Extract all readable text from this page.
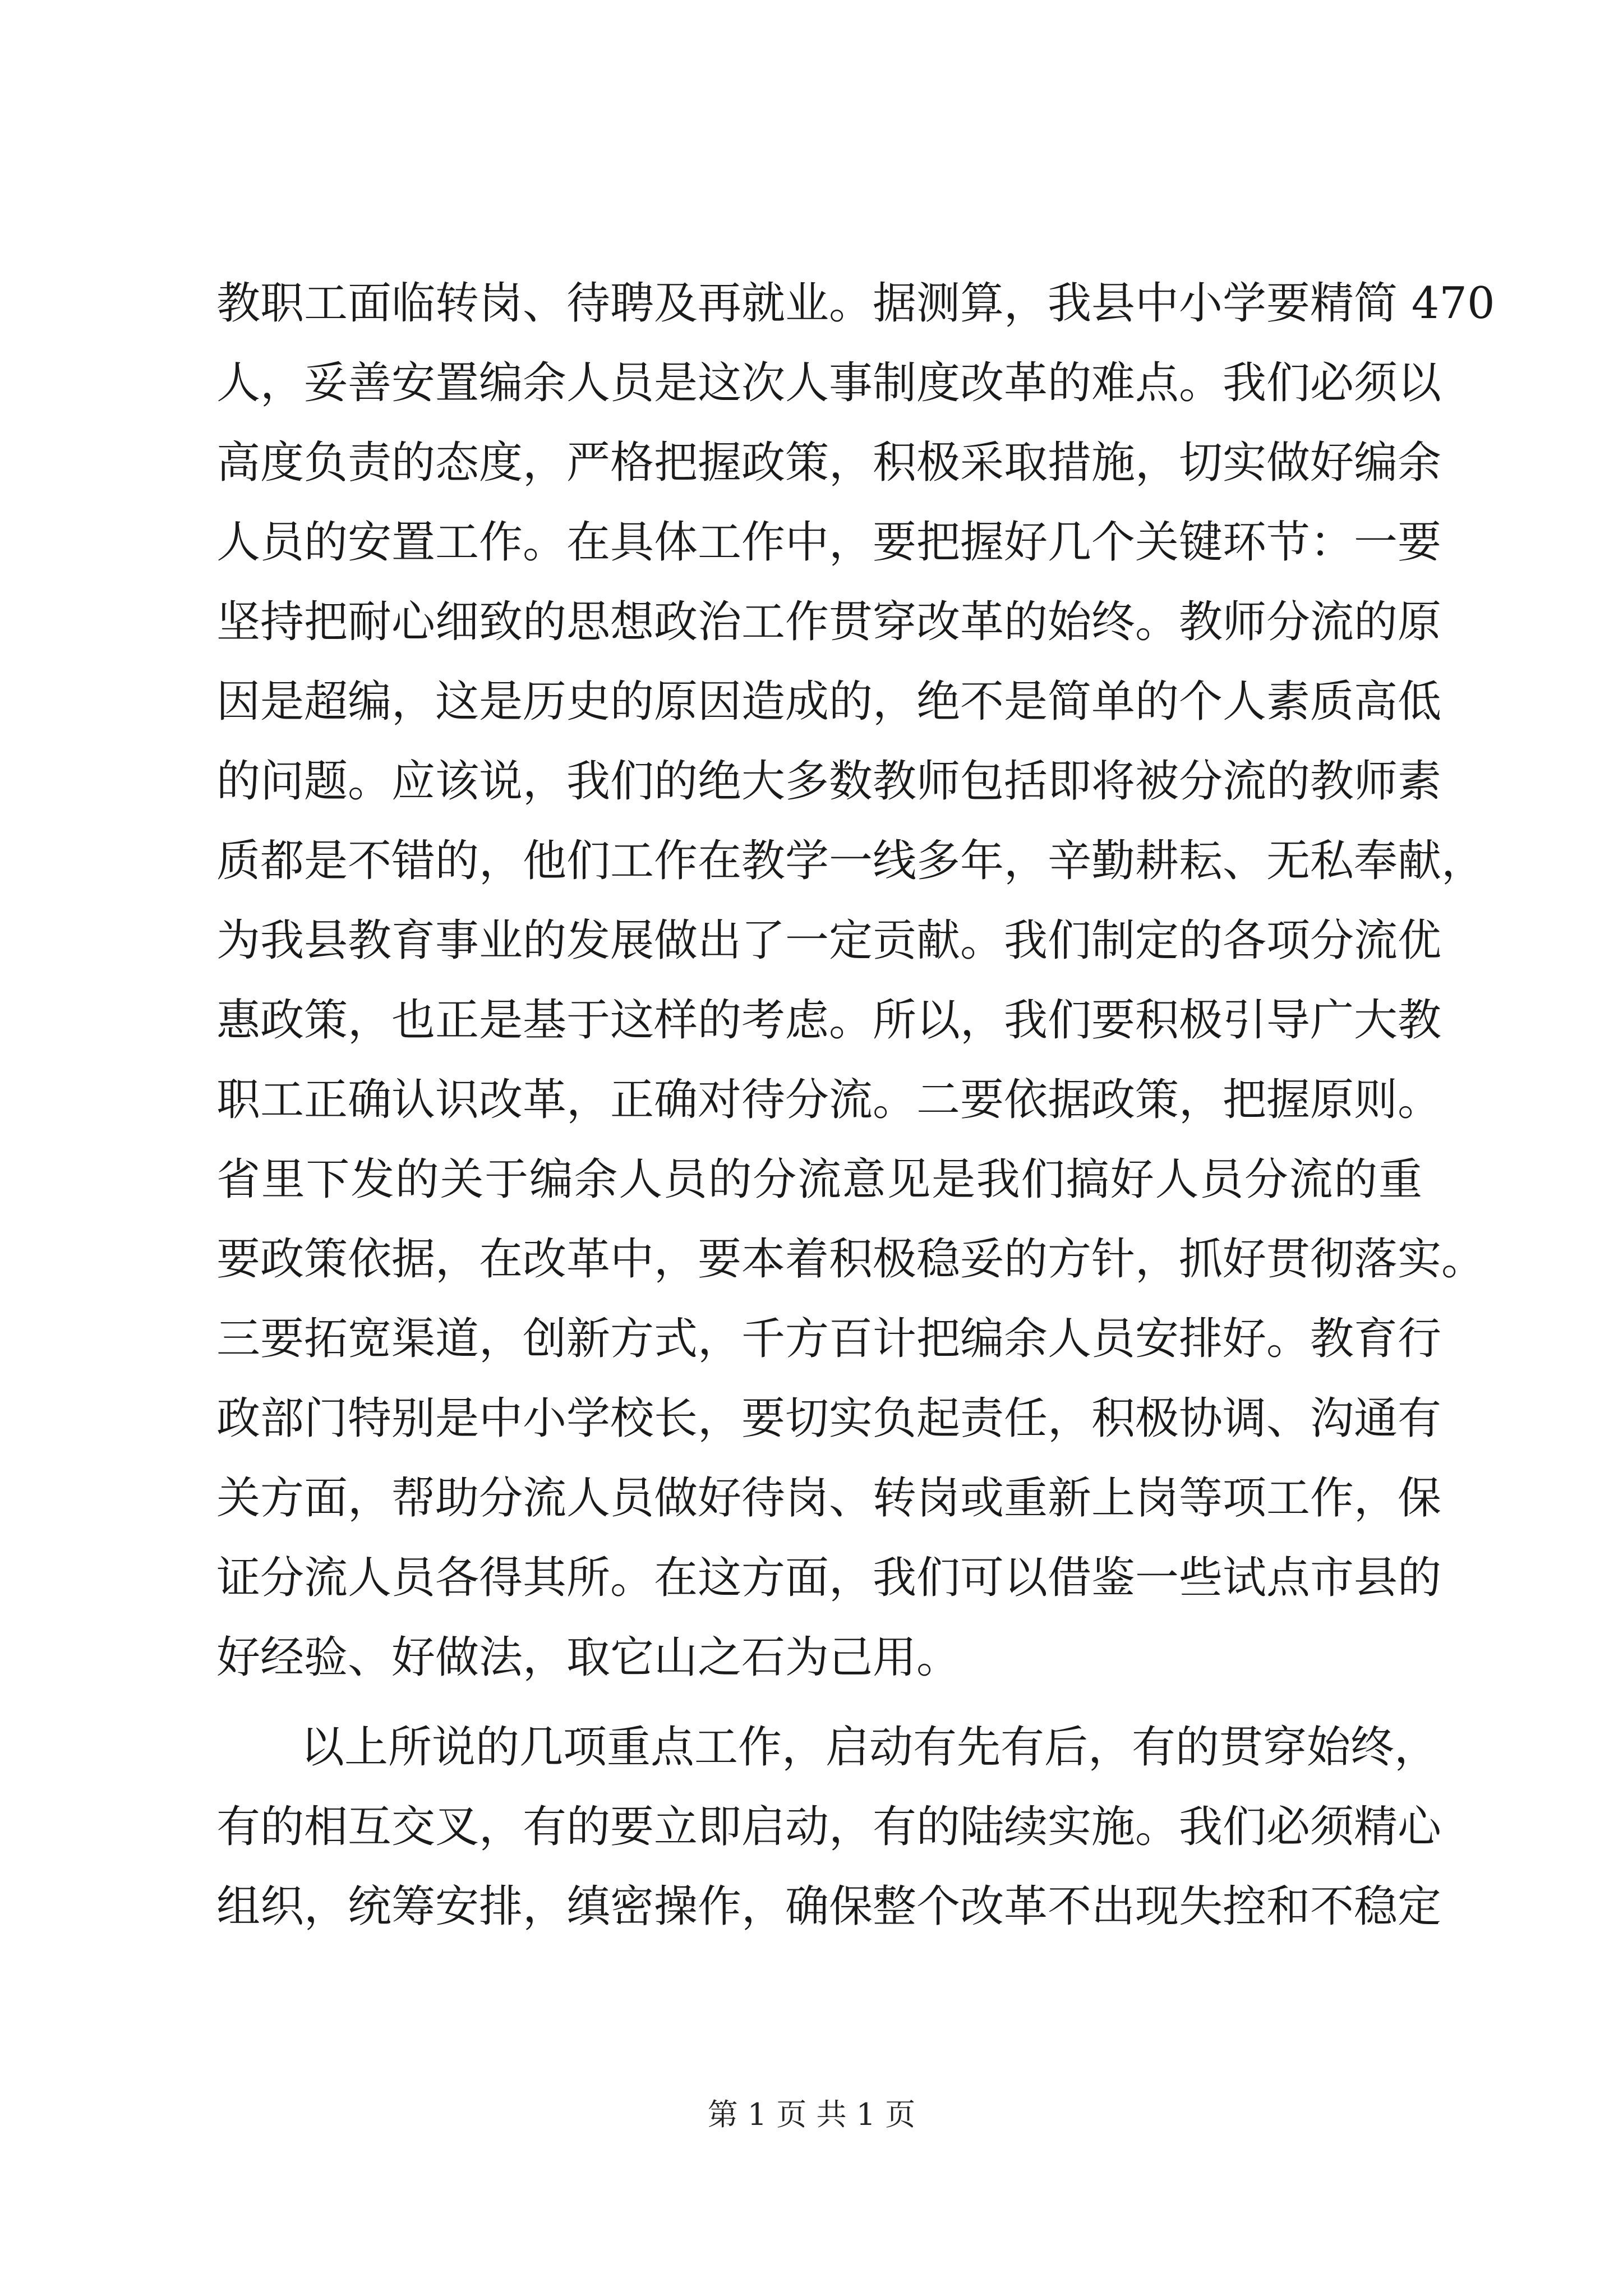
教职工面临转岗、待聘及再就业。据测算，我县中小学要精简 470
人，妥善安置编余人员是这次人事制度改革的难点。我们必须以
高度负责的态度，严格把握政策，积极采取措施，切实做好编余
人员的安置工作。在具体工作中，要把握好几个关键环节：一要
坚持把耐心细致的思想政治工作贯穿改革的始终。教师分流的原
因是超编，这是历史的原因造成的，绝不是简单的个人素质高低
的问题。应该说，我们的绝大多数教师包括即将被分流的教师素
质都是不错的，他们工作在教学一线多年，辛勤耕耘、无私奉献，
为我县教育事业的发展做出了一定贡献。我们制定的各项分流优
惠政策，也正是基于这样的考虑。所以，我们要积极引导广大教
职工正确认识改革，正确对待分流。二要依据政策，把握原则。
省里下发的关于编余人员的分流意见是我们搞好人员分流的重
要政策依据，在改革中，要本着积极稳妥的方针，抓好贯彻落实。
三要拓宽渠道，创新方式，千方百计把编余人员安排好。教育行
政部门特别是中小学校长，要切实负起责任，积极协调、沟通有
关方面，帮助分流人员做好待岗、转岗或重新上岗等项工作，保
证分流人员各得其所。在这方面，我们可以借鉴一些试点市县的
好经验、好做法，取它山之石为己用。
以上所说的几项重点工作，启动有先有后，有的贯穿始终，
有的相互交叉，有的要立即启动，有的陆续实施。我们必须精心
组织，统筹安排，缜密操作，确保整个改革不出现失控和不稳定
第 1 页 共 1 页
